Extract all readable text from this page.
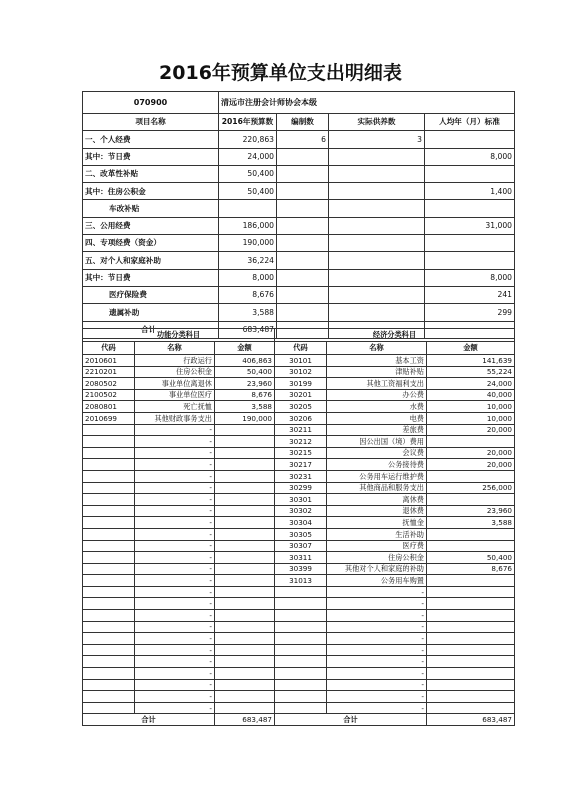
2016年预算单位支出明细表
070900	清远市注册会计师协会本级			
项目名称	2016年预算数	编制数	实际供养数	人均年（月）标准
一、个人经费	220,863	6	3	
其中：节日费	24,000			8,000
二、改革性补贴	50,400			
其中：住房公积金	50,400			1,400
车改补贴				
三、公用经费	186,000			31,000
四、专项经费（资金）	190,000			
五、对个人和家庭补助	36,224			
其中：节日费	8,000			8,000
医疗保险费	8,676			241
遗属补助	3,588			299
合计	683,487			
功能分类科目			经济分类科目		
代码	名称	金额	代码	名称	金额
2010601	行政运行	406,863	30101	基本工资	141,639
2210201	住房公积金	50,400	30102	津贴补贴	55,224
2080502	事业单位离退休	23,960	30199	其他工资福利支出	24,000
2100502	事业单位医疗	8,676	30201	办公费	40,000
2080801	死亡抚恤	3,588	30205	水费	10,000
2010699	其他财政事务支出	190,000	30206	电费	10,000
	-		30211	差旅费	20,000
	-		30212	因公出国（境）费用	
	-		30215	会议费	20,000
	-		30217	公务接待费	20,000
	-		30231	公务用车运行维护费	
	-		30299	其他商品和服务支出	256,000
	-		30301	离休费	
	-		30302	退休费	23,960
	-		30304	抚恤金	3,588
	-		30305	生活补助	
	-		30307	医疗费	
	-		30311	住房公积金	50,400
	-		30399	其他对个人和家庭的补助	8,676
	-		31013	公务用车购置	
	-			-	
	-			-	
	-			-	
	-			-	
	-			-	
	-			-	
	-			-	
	-			-	
	-			-	
	-			-	
	-			-	
合计		683,487	合计		683,487
